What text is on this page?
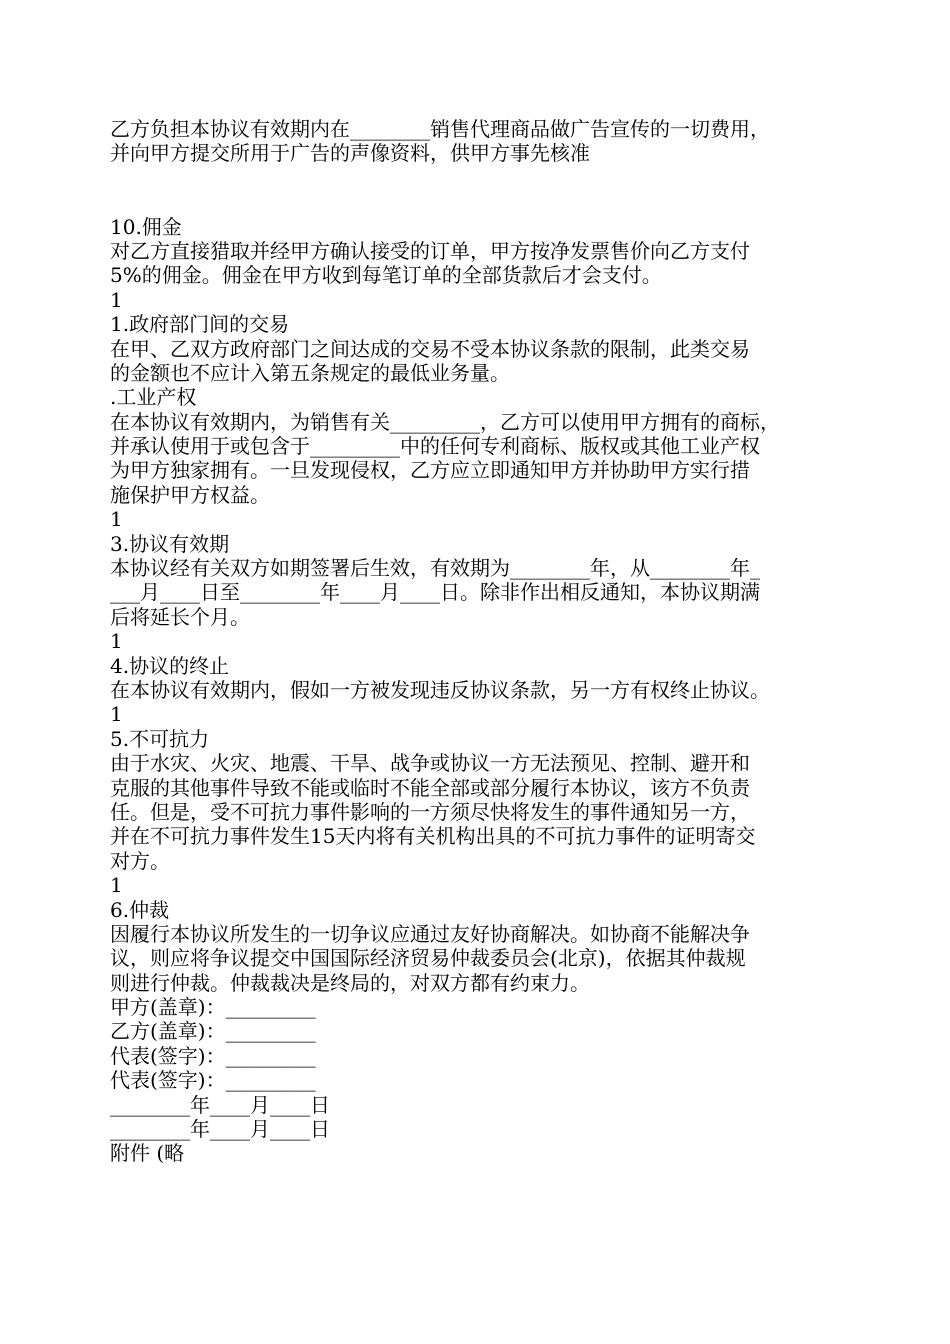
乙方负担本协议有效期内在________销售代理商品做广告宣传的一切费用，
并向甲方提交所用于广告的声像资料，供甲方事先核准
10.佣金
对乙方直接猎取并经甲方确认接受的订单，甲方按净发票售价向乙方支付
5%的佣金。佣金在甲方收到每笔订单的全部货款后才会支付。
1
1.政府部门间的交易
在甲、乙双方政府部门之间达成的交易不受本协议条款的限制，此类交易
的金额也不应计入第五条规定的最低业务量。
.工业产权
在本协议有效期内，为销售有关_________，乙方可以使用甲方拥有的商标，
并承认使用于或包含于_________中的任何专利商标、版权或其他工业产权
为甲方独家拥有。一旦发现侵权，乙方应立即通知甲方并协助甲方实行措
施保护甲方权益。
1
3.协议有效期
本协议经有关双方如期签署后生效，有效期为________年，从________年_
___月____日至________年____月____日。除非作出相反通知，本协议期满
后将延长个月。
1
4.协议的终止
在本协议有效期内，假如一方被发现违反协议条款，另一方有权终止协议。
1
5.不可抗力
由于水灾、火灾、地震、干旱、战争或协议一方无法预见、控制、避开和
克服的其他事件导致不能或临时不能全部或部分履行本协议，该方不负责
任。但是，受不可抗力事件影响的一方须尽快将发生的事件通知另一方，
并在不可抗力事件发生15天内将有关机构出具的不可抗力事件的证明寄交
对方。
1
6.仲裁
因履行本协议所发生的一切争议应通过友好协商解决。如协商不能解决争
议，则应将争议提交中国国际经济贸易仲裁委员会(北京)，依据其仲裁规
则进行仲裁。仲裁裁决是终局的，对双方都有约束力。
甲方(盖章)：_________
乙方(盖章)：_________
代表(签字)：_________
代表(签字)：_________
________年____月____日
________年____月____日
附件 (略
